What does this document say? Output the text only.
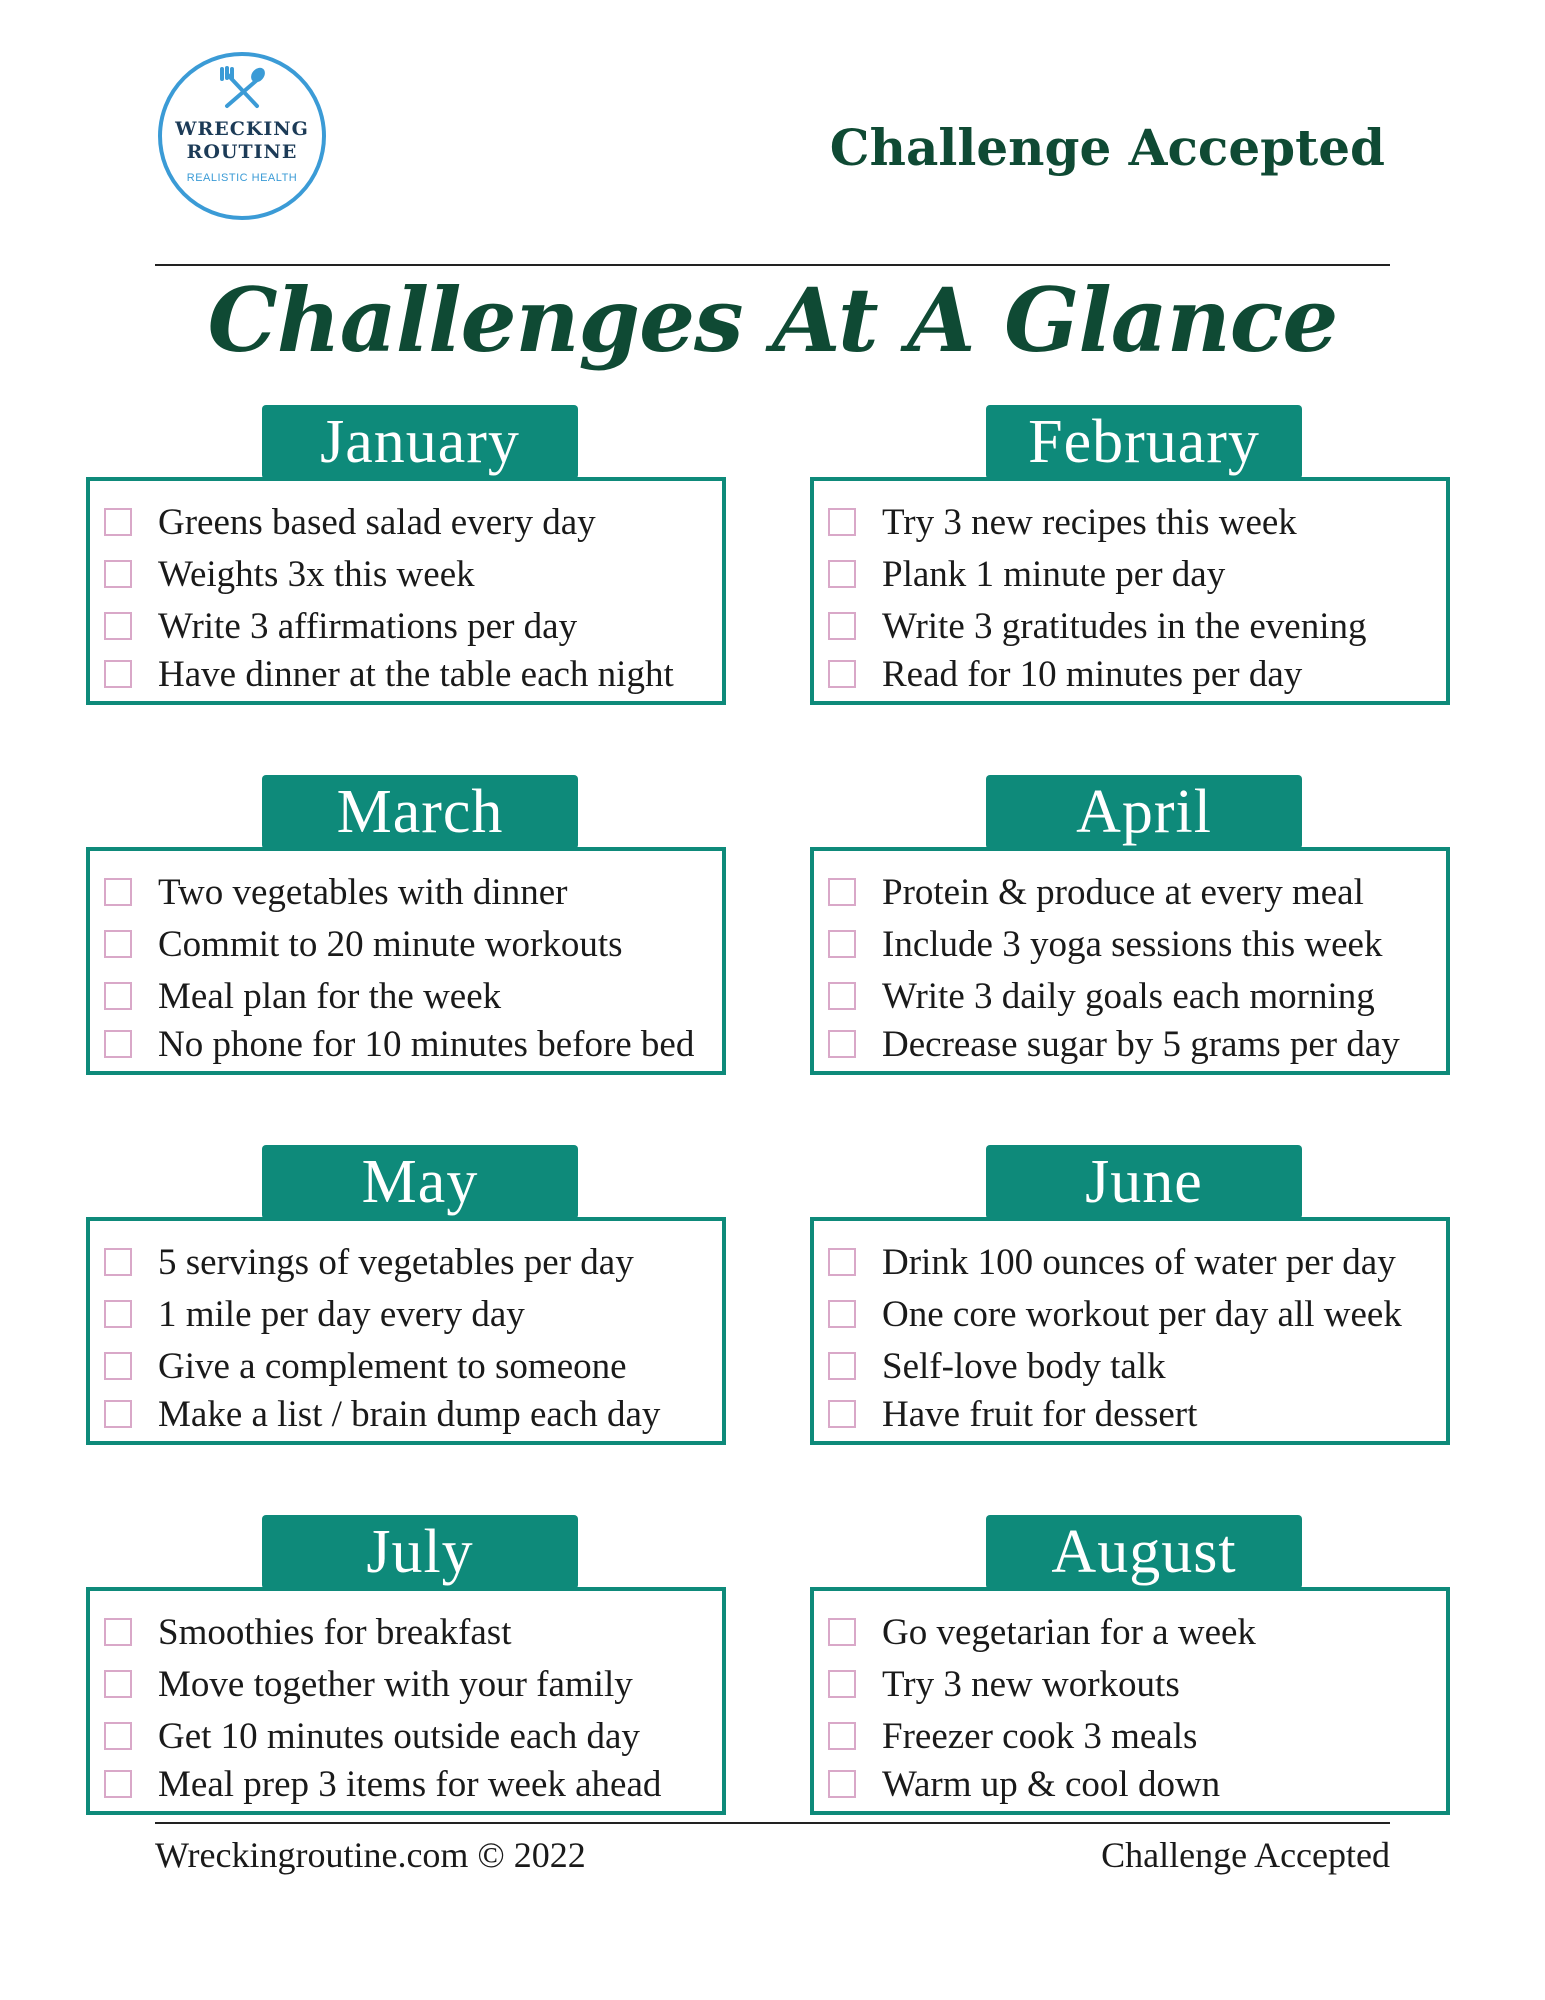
WRECKING
ROUTINE
REALISTIC HEALTH
Challenge Accepted
Challenges At A Glance
Greens based salad every day
Weights 3x this week
Write 3 affirmations per day
Have dinner at the table each night
January
Try 3 new recipes this week
Plank 1 minute per day
Write 3 gratitudes in the evening
Read for 10 minutes per day
February
Two vegetables with dinner
Commit to 20 minute workouts
Meal plan for the week
No phone for 10 minutes before bed
March
Protein & produce at every meal
Include 3 yoga sessions this week
Write 3 daily goals each morning
Decrease sugar by 5 grams per day
April
5 servings of vegetables per day
1 mile per day every day
Give a complement to someone
Make a list / brain dump each day
May
Drink 100 ounces of water per day
One core workout per day all week
Self-love body talk
Have fruit for dessert
June
Smoothies for breakfast
Move together with your family
Get 10 minutes outside each day
Meal prep 3 items for week ahead
July
Go vegetarian for a week
Try 3 new workouts
Freezer cook 3 meals
Warm up & cool down
August
Wreckingroutine.com © 2022	Challenge Accepted
